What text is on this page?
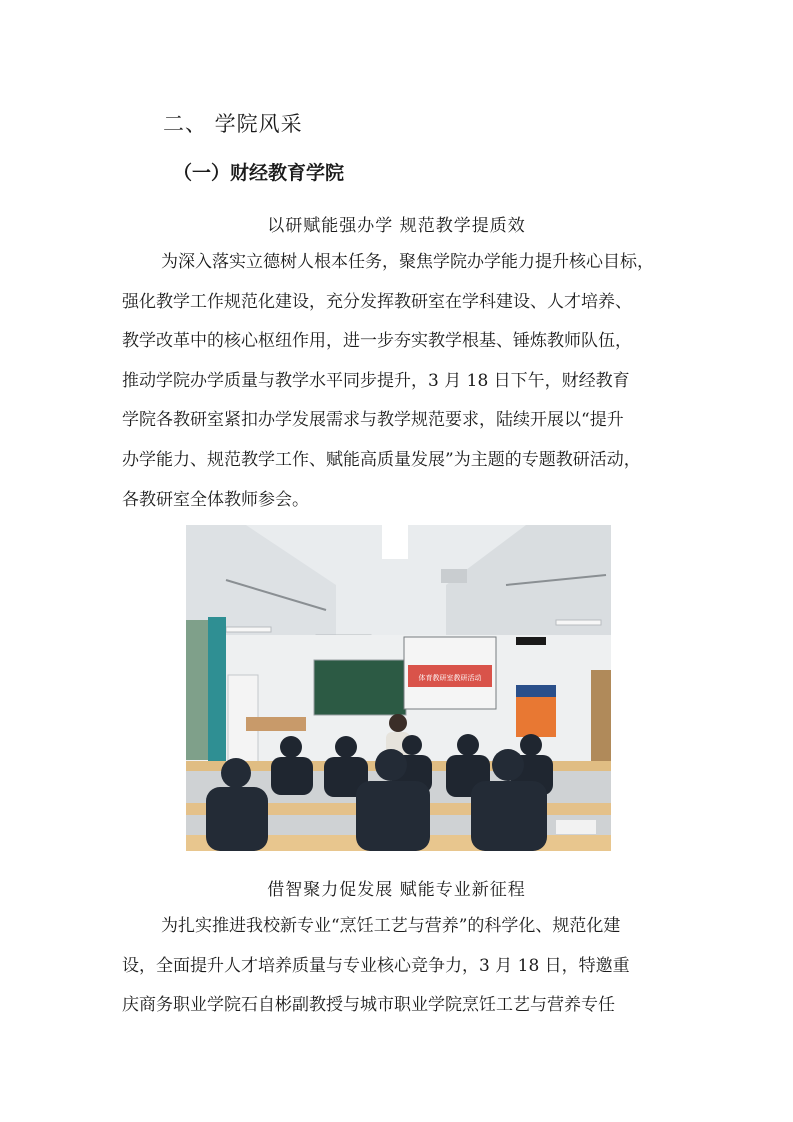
二、 学院风采
（一）财经教育学院
以研赋能强办学 规范教学提质效

为深入落实立德树人根本任务，聚焦学院办学能力提升核心目标，
强化教学工作规范化建设，充分发挥教研室在学科建设、人才培养、
教学改革中的核心枢纽作用，进一步夯实教学根基、锤炼教师队伍，
推动学院办学质量与教学水平同步提升，3 月 18 日下午，财经教育
学院各教研室紧扣办学发展需求与教学规范要求，陆续开展以“提升
办学能力、规范教学工作、赋能高质量发展”为主题的专题教研活动，
各教研室全体教师参会。

体育教研室教研活动
借智聚力促发展 赋能专业新征程

为扎实推进我校新专业“烹饪工艺与营养”的科学化、规范化建
设，全面提升人才培养质量与专业核心竞争力，3 月 18 日，特邀重
庆商务职业学院石自彬副教授与城市职业学院烹饪工艺与营养专任
